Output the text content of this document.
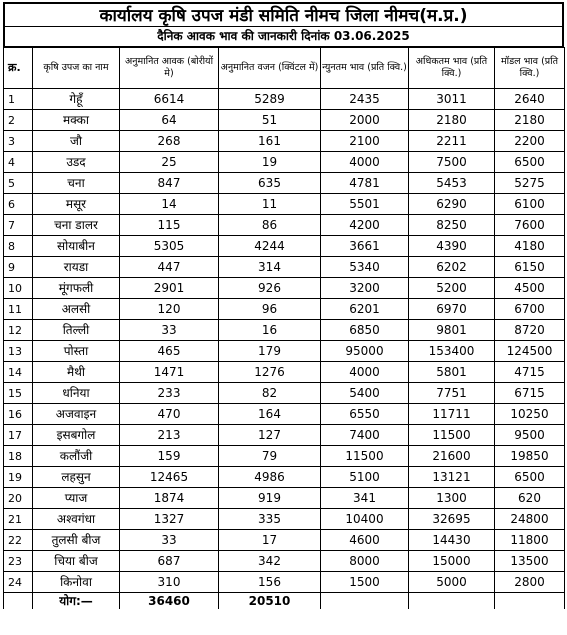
कार्यालय कृषि उपज मंडी समिति नीमच जिला नीमच(म.प्र.)
दैनिक आवक भाव की जानकारी दिनांक 03.06.2025
क्र.	कृषि उपज का नाम	अनुमानित आवक (बोरीयों मे)	अनुमानित वजन (क्विंटल में)	न्युनतम भाव (प्रति क्वि.)	अधिकतम भाव (प्रति क्वि.)	मॉडल भाव (प्रति क्वि.)
1	गेहूँ	6614	5289	2435	3011	2640
2	मक्का	64	51	2000	2180	2180
3	जौ	268	161	2100	2211	2200
4	उडद	25	19	4000	7500	6500
5	चना	847	635	4781	5453	5275
6	मसूर	14	11	5501	6290	6100
7	चना डालर	115	86	4200	8250	7600
8	सोयाबीन	5305	4244	3661	4390	4180
9	रायडा	447	314	5340	6202	6150
10	मूंगफली	2901	926	3200	5200	4500
11	अलसी	120	96	6201	6970	6700
12	तिल्ली	33	16	6850	9801	8720
13	पोस्ता	465	179	95000	153400	124500
14	मैथी	1471	1276	4000	5801	4715
15	धनिया	233	82	5400	7751	6715
16	अजवाइन	470	164	6550	11711	10250
17	इसबगोल	213	127	7400	11500	9500
18	कलौंजी	159	79	11500	21600	19850
19	लहसुन	12465	4986	5100	13121	6500
20	प्याज	1874	919	341	1300	620
21	अश्वगंधा	1327	335	10400	32695	24800
22	तुलसी बीज	33	17	4600	14430	11800
23	चिया बीज	687	342	8000	15000	13500
24	किनोवा	310	156	1500	5000	2800
	योग:—	36460	20510			
